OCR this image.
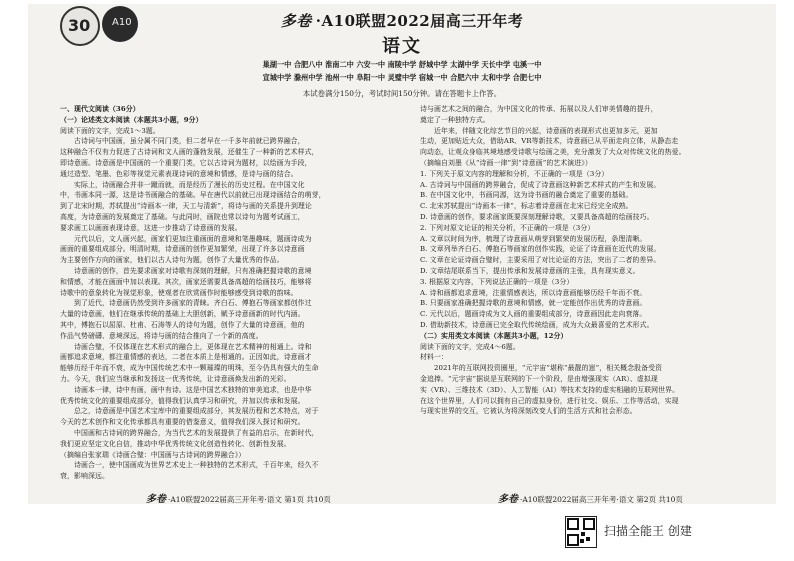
30 A10	多卷 ·A10联盟2022届高三开年考
语文
巢湖一中 合肥八中 淮南二中 六安一中 南陵中学 舒城中学 太湖中学 天长中学 屯溪一中
宣城中学 滁州中学 池州一中 阜阳一中 灵璧中学 宿城一中 合肥六中 太和中学 合肥七中
本试卷满分150分，考试时间150分钟。请在答题卡上作答。

一、现代文阅读（36分）

（一）论述类文本阅读（本题共3小题，9分）

阅读下面的文字，完成1～3题。

　　古诗词与中国画，虽分属不同门类，但二者早在一千多年前就已跨界融合，

这种融合不仅有力促进了古诗词和文人画的蓬勃发展，还催生了一种新的艺术样式，

即诗意画。诗意画是中国画的一个重要门类，它以古诗词为题材，以绘画为手段，

通过造型、笔墨、色彩等视觉元素表现诗词的意境和情感，是诗与画的结合。

　　实际上，诗画融合并非一蹴而就，而是经历了漫长的历史过程。在中国文化

中，书画本同一源，这是诗书画融合的基础。早在唐代以前就已出现诗画结合的萌芽，

到了北宋时期，苏轼提出“诗画本一律，天工与清新”，将诗与画的关系提升到理论

高度，为诗意画的发展奠定了基础。与此同时，画院也常以诗句为题考试画工，

要求画工以画面表现诗意，这进一步推动了诗意画的发展。

　　元代以后，文人画兴起，画家们更加注重画面的意境和笔墨趣味，题画诗成为

画面的重要组成部分。明清时期，诗意画的创作更加繁荣，出现了许多以诗意画

为主要创作方向的画家，他们以古人诗句为题，创作了大量优秀的作品。

　　诗意画的创作，首先要求画家对诗歌有深刻的理解，只有准确把握诗歌的意境

和情感，才能在画面中加以表现。其次，画家还需要具备高超的绘画技巧，能够将

诗歌中的意象转化为视觉形象，使观者在欣赏画作时能够感受到诗歌的韵味。

　　到了近代，诗意画仍然受到许多画家的青睐。齐白石、傅抱石等画家都创作过

大量的诗意画，他们在继承传统的基础上大胆创新，赋予诗意画新的时代内涵。

其中，傅抱石以屈原、杜甫、石涛等人的诗句为题，创作了大量的诗意画，他的

作品气势磅礴、意境深远，将诗与画的结合推向了一个新的高度。

　　诗画合璧，不仅体现在艺术形式的融合上，更体现在艺术精神的相通上。诗和

画都追求意境，都注重情感的表达，二者在本质上是相通的。正因如此，诗意画才

能够历经千年而不衰，成为中国传统艺术中一颗璀璨的明珠，至今仍具有强大的生命

力。今天，我们应当继承和发扬这一优秀传统，让诗意画焕发出新的光彩。

　　诗画本一律，诗中有画，画中有诗。这是中国艺术独特的审美追求，也是中华

优秀传统文化的重要组成部分，值得我们认真学习和研究，并加以传承和发展。

　　总之，诗意画是中国艺术宝库中的重要组成部分，其发展历程和艺术特点，对于

今天的艺术创作和文化传承都具有重要的借鉴意义，值得我们深入探讨和研究。

　　中国画和古诗词的跨界融合，为当代艺术的发展提供了有益的启示，在新时代，

我们更应坚定文化自信，推动中华优秀传统文化创造性转化、创新性发展。

（摘编自张家瑞《诗画合璧：中国画与古诗词的跨界融合》）

　　诗画合一，使中国画成为世界艺术史上一种独特的艺术形式，千百年来，经久不

衰，影响深远。

诗与画艺术之间的融合，为中国文化的传承、拓展以及人们审美情趣的提升，

奠定了一种独特方式。

　　近年来，伴随文化综艺节目的兴起，诗意画的表现形式也更加多元，更加

生动，更加贴近大众，借助AR、VR等新技术，诗意画已从平面走向立体，从静态走

向动态，让观众身临其境地感受诗歌与绘画之美，充分激发了大众对传统文化的热爱。

（摘编自刘墨《从“诗画一律”到“诗意画”的艺术演进》）

1. 下列关于原文内容的理解和分析，不正确的一项是（3分）

A. 古诗词与中国画的跨界融合，促成了诗意画这种新艺术样式的产生和发展。

B. 在中国文化中，书画同源，这为诗书画的融合奠定了重要的基础。

C. 北宋苏轼提出“诗画本一律”，标志着诗意画在北宋已经完全成熟。

D. 诗意画的创作，要求画家既要深刻理解诗歌，又要具备高超的绘画技巧。

2. 下列对原文论证的相关分析，不正确的一项是（3分）

A. 文章以时间为序，梳理了诗意画从萌芽到繁荣的发展历程，条理清晰。

B. 文章列举齐白石、傅抱石等画家的创作实践，论证了诗意画在近代的发展。

C. 文章在论证诗画合璧时，主要采用了对比论证的方法，突出了二者的差异。

D. 文章结尾联系当下，提出传承和发展诗意画的主张，具有现实意义。

3. 根据原文内容，下列说法正确的一项是（3分）

A. 诗和画都追求意境，注重情感表达，所以诗意画能够历经千年而不衰。

B. 只要画家准确把握诗歌的意境和情感，就一定能创作出优秀的诗意画。

C. 元代以后，题画诗成为文人画的重要组成部分，诗意画因此走向衰落。

D. 借助新技术，诗意画已完全取代传统绘画，成为大众最喜爱的艺术形式。

（二）实用类文本阅读（本题共3小题，12分）

阅读下面的文字，完成4～6题。

材料一：

　　2021年的互联网投资圈里，“元宇宙”堪称“最靓的崽”，相关概念股备受资

金追捧。“元宇宙”据说是互联网的下一个阶段，是由增强现实（AR）、虚拟现

实（VR）、三维技术（3D）、人工智能（AI）等技术支持的虚实相融的互联网世界。

在这个世界里，人们可以拥有自己的虚拟身份，进行社交、娱乐、工作等活动，实现

与现实世界的交互，它被认为将深刻改变人们的生活方式和社会形态。

多卷 ·A10联盟2022届高三开年考·语文 第1页 共10页	多卷 ·A10联盟2022届高三开年考·语文 第2页 共10页
扫描全能王 创建
